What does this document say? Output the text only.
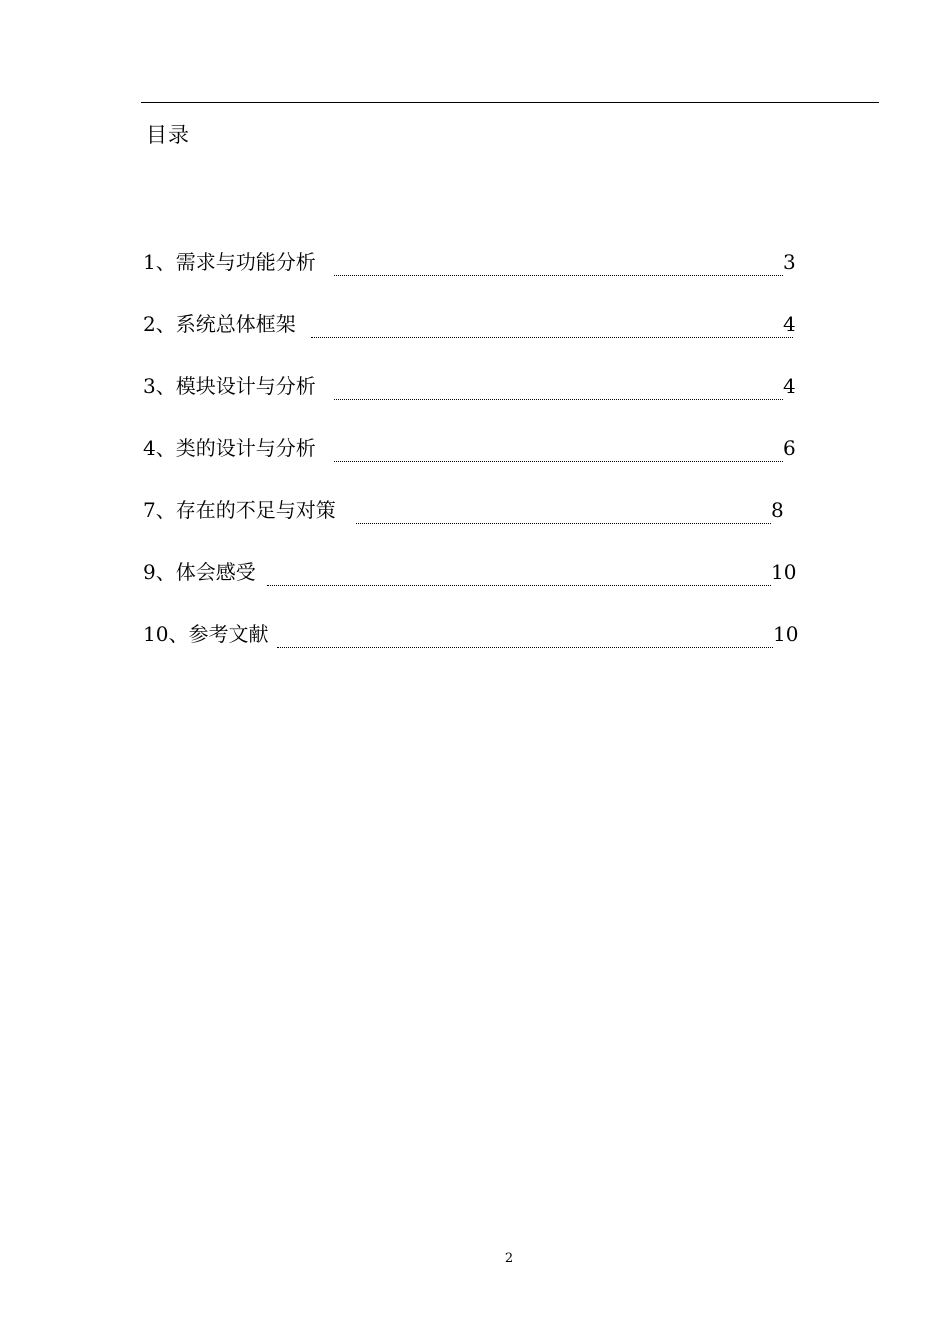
目录
1、需求与功能分析	3
2、系统总体框架	4
3、模块设计与分析	4
4、类的设计与分析	6
7、存在的不足与对策	8
9、体会感受	10
10、参考文献	10
2
